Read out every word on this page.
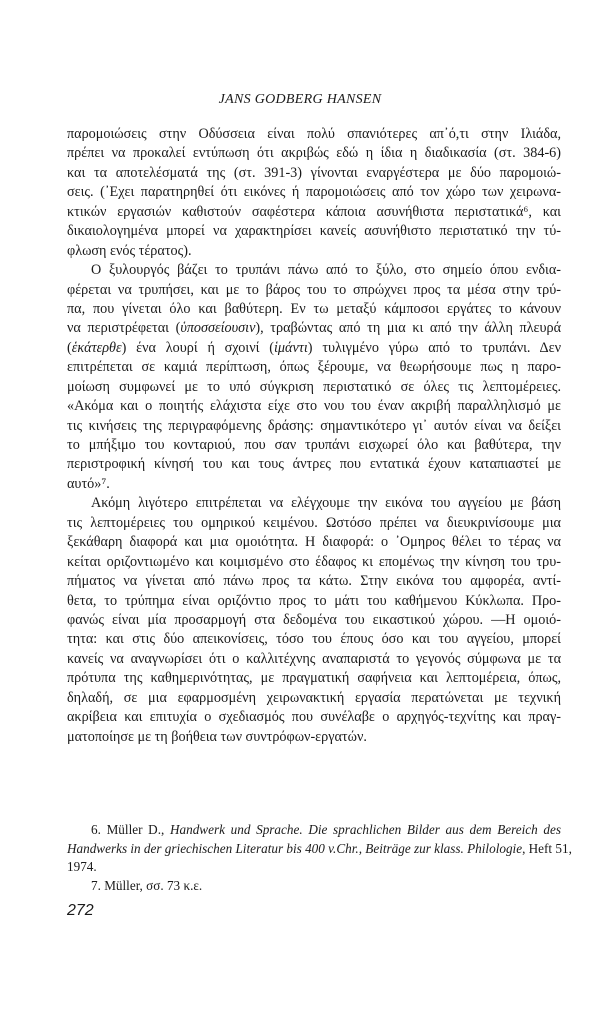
JANS GODBERG HANSEN
παρομοιώσεις στην Οδύσσεια είναι πολύ σπανιότερες απ᾽ό,τι στην Ιλιάδα,
πρέπει να προκαλεί εντύπωση ότι ακριβώς εδώ η ίδια η διαδικασία (στ. 384-6)
και τα αποτελέσματά της (στ. 391-3) γίνονται εναργέστερα με δύο παρομοιώ-
σεις. (᾽Εχει παρατηρηθεί ότι εικόνες ή παρομοιώσεις από τον χώρο των χειρωνα-
κτικών εργασιών καθιστούν σαφέστερα κάποια ασυνήθιστα περιστατικά⁶, και
δικαιολογημένα μπορεί να χαρακτηρίσει κανείς ασυνήθιστο περιστατικό την τύ-
φλωση ενός τέρατος).
Ο ξυλουργός βάζει το τρυπάνι πάνω από το ξύλο, στο σημείο όπου ενδια-
φέρεται να τρυπήσει, και με το βάρος του το σπρώχνει προς τα μέσα στην τρύ-
πα, που γίνεται όλο και βαθύτερη. Εν τω μεταξύ κάμποσοι εργάτες το κάνουν
να περιστρέφεται (ὑποσσείουσιν), τραβώντας από τη μια κι από την άλλη πλευρά
(ἑκάτερθε) ένα λουρί ή σχοινί (ἱμάντι) τυλιγμένο γύρω από το τρυπάνι. Δεν
επιτρέπεται σε καμιά περίπτωση, όπως ξέρουμε, να θεωρήσουμε πως η παρο-
μοίωση συμφωνεί με το υπό σύγκριση περιστατικό σε όλες τις λεπτομέρειες.
«Ακόμα και ο ποιητής ελάχιστα είχε στο νου του έναν ακριβή παραλληλισμό με
τις κινήσεις της περιγραφόμενης δράσης: σημαντικότερο γι᾽ αυτόν είναι να δείξει
το μπήξιμο του κονταριού, που σαν τρυπάνι εισχωρεί όλο και βαθύτερα, την
περιστροφική κίνησή του και τους άντρες που εντατικά έχουν καταπιαστεί με
αυτό»⁷.
Ακόμη λιγότερο επιτρέπεται να ελέγχουμε την εικόνα του αγγείου με βάση
τις λεπτομέρειες του ομηρικού κειμένου. Ωστόσο πρέπει να διευκρινίσουμε μια
ξεκάθαρη διαφορά και μια ομοιότητα. Η διαφορά: ο ᾽Ομηρος θέλει το τέρας να
κείται οριζοντιωμένο και κοιμισμένο στο έδαφος κι επομένως την κίνηση του τρυ-
πήματος να γίνεται από πάνω προς τα κάτω. Στην εικόνα του αμφορέα, αντί-
θετα, το τρύπημα είναι οριζόντιο προς το μάτι του καθήμενου Κύκλωπα. Προ-
φανώς είναι μία προσαρμογή στα δεδομένα του εικαστικού χώρου. —Η ομοιό-
τητα: και στις δύο απεικονίσεις, τόσο του έπους όσο και του αγγείου, μπορεί
κανείς να αναγνωρίσει ότι ο καλλιτέχνης αναπαριστά το γεγονός σύμφωνα με τα
πρότυπα της καθημερινότητας, με πραγματική σαφήνεια και λεπτομέρεια, όπως,
δηλαδή, σε μια εφαρμοσμένη χειρωνακτική εργασία περατώνεται με τεχνική
ακρίβεια και επιτυχία ο σχεδιασμός που συνέλαβε ο αρχηγός-τεχνίτης και πραγ-
ματοποίησε με τη βοήθεια των συντρόφων-εργατών.
6. Müller D., Handwerk und Sprache. Die sprachlichen Bilder aus dem Bereich des
Handwerks in der griechischen Literatur bis 400 v.Chr., Beiträge zur klass. Philologie, Heft 51,
1974.
7. Müller, σσ. 73 κ.ε.
272
